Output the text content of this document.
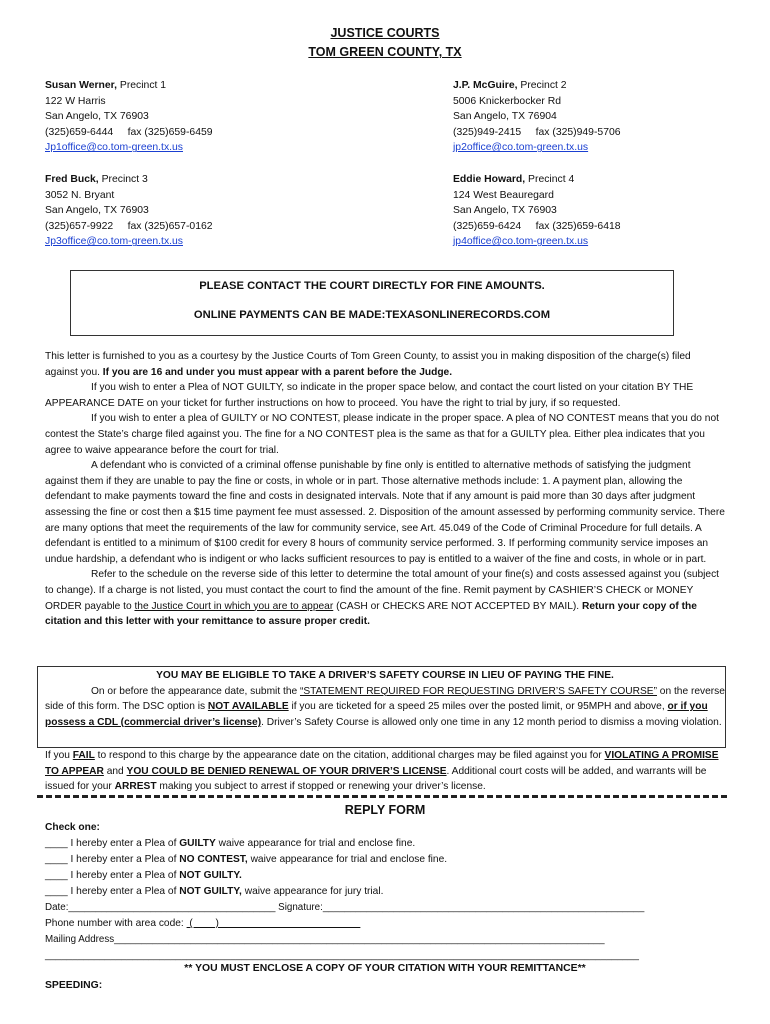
JUSTICE COURTS
TOM GREEN COUNTY, TX
Susan Werner, Precinct 1
122 W Harris
San Angelo, TX 76903
(325)659-6444 fax (325)659-6459
Jp1office@co.tom-green.tx.us
J.P. McGuire, Precinct 2
5006 Knickerbocker Rd
San Angelo, TX 76904
(325)949-2415 fax (325)949-5706
jp2office@co.tom-green.tx.us
Fred Buck, Precinct 3
3052 N. Bryant
San Angelo, TX 76903
(325)657-9922 fax (325)657-0162
Jp3office@co.tom-green.tx.us
Eddie Howard, Precinct 4
124 West Beauregard
San Angelo, TX 76903
(325)659-6424 fax (325)659-6418
jp4office@co.tom-green.tx.us
PLEASE CONTACT THE COURT DIRECTLY FOR FINE AMOUNTS.
ONLINE PAYMENTS CAN BE MADE:TEXASONLINERECORDS.COM

This letter is furnished to you as a courtesy by the Justice Courts of Tom Green County, to assist you in making disposition of the charge(s) filed against you. If you are 16 and under you must appear with a parent before the Judge.

If you wish to enter a Plea of NOT GUILTY, so indicate in the proper space below, and contact the court listed on your citation BY THE APPEARANCE DATE on your ticket for further instructions on how to proceed. You have the right to trial by jury, if so requested.

If you wish to enter a plea of GUILTY or NO CONTEST, please indicate in the proper space. A plea of NO CONTEST means that you do not contest the State’s charge filed against you. The fine for a NO CONTEST plea is the same as that for a GUILTY plea. Either plea indicates that you agree to waive appearance before the court for trial.

A defendant who is convicted of a criminal offense punishable by fine only is entitled to alternative methods of satisfying the judgment against them if they are unable to pay the fine or costs, in whole or in part. Those alternative methods include: 1. A payment plan, allowing the defendant to make payments toward the fine and costs in designated intervals. Note that if any amount is paid more than 30 days after judgment assessing the fine or cost then a $15 time payment fee must assessed. 2. Disposition of the amount assessed by performing community service. There are many options that meet the requirements of the law for community service, see Art. 45.049 of the Code of Criminal Procedure for full details. A defendant is entitled to a minimum of $100 credit for every 8 hours of community service performed. 3. If performing community service imposes an undue hardship, a defendant who is indigent or who lacks sufficient resources to pay is entitled to a waiver of the fine and costs, in whole or in part.

Refer to the schedule on the reverse side of this letter to determine the total amount of your fine(s) and costs assessed against you (subject to change). If a charge is not listed, you must contact the court to find the amount of the fine. Remit payment by CASHIER’S CHECK or MONEY ORDER payable to the Justice Court in which you are to appear (CASH or CHECKS ARE NOT ACCEPTED BY MAIL). Return your copy of the citation and this letter with your remittance to assure proper credit.

YOU MAY BE ELIGIBLE TO TAKE A DRIVER’S SAFETY COURSE IN LIEU OF PAYING THE FINE.

On or before the appearance date, submit the “STATEMENT REQUIRED FOR REQUESTING DRIVER’S SAFETY COURSE” on the reverse side of this form. The DSC option is NOT AVAILABLE if you are ticketed for a speed 25 miles over the posted limit, or 95MPH and above, or if you possess a CDL (commercial driver’s license). Driver’s Safety Course is allowed only one time in any 12 month period to dismiss a moving violation.

If you FAIL to respond to this charge by the appearance date on the citation, additional charges may be filed against you for VIOLATING A PROMISE TO APPEAR and YOU COULD BE DENIED RENEWAL OF YOUR DRIVER’S LICENSE. Additional court costs will be added, and warrants will be issued for your ARREST making you subject to arrest if stopped or renewing your driver’s license.

REPLY FORM
Check one:
____ I hereby enter a Plea of GUILTY waive appearance for trial and enclose fine.
____ I hereby enter a Plea of NO CONTEST, waive appearance for trial and enclose fine.
____ I hereby enter a Plea of NOT GUILTY.
____ I hereby enter a Plea of NOT GUILTY, waive appearance for jury trial.
Date:______________________________________ Signature:___________________________________________________________
Phone number with area code:  (        )
Mailing Address__________________________________________________________________________________________
_____________________________________________________________________________________________________________
** YOU MUST ENCLOSE A COPY OF YOUR CITATION WITH YOUR REMITTANCE**
SPEEDING:
